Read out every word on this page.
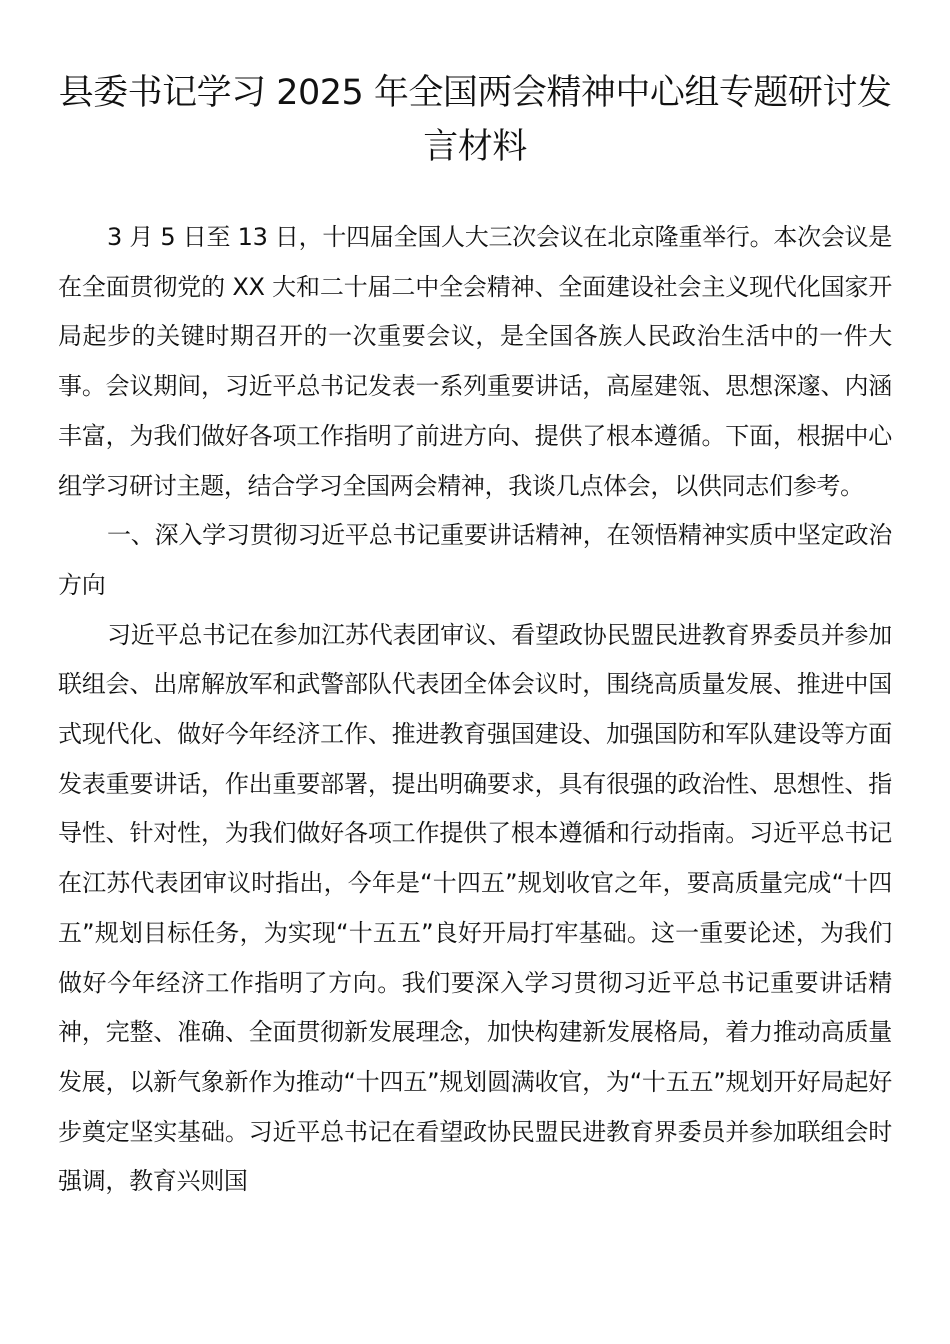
县委书记学习 2025 年全国两会精神中心组专题研讨发言材料

3 月 5 日至 13 日，十四届全国人大三次会议在北京隆重举行。本次会议是在全面贯彻党的 XX 大和二十届二中全会精神、全面建设社会主义现代化国家开局起步的关键时期召开的一次重要会议，是全国各族人民政治生活中的一件大事。会议期间，习近平总书记发表一系列重要讲话，高屋建瓴、思想深邃、内涵丰富，为我们做好各项工作指明了前进方向、提供了根本遵循。下面，根据中心组学习研讨主题，结合学习全国两会精神，我谈几点体会，以供同志们参考。

一、深入学习贯彻习近平总书记重要讲话精神，在领悟精神实质中坚定政治方向

习近平总书记在参加江苏代表团审议、看望政协民盟民进教育界委员并参加联组会、出席解放军和武警部队代表团全体会议时，围绕高质量发展、推进中国式现代化、做好今年经济工作、推进教育强国建设、加强国防和军队建设等方面发表重要讲话，作出重要部署，提出明确要求，具有很强的政治性、思想性、指导性、针对性，为我们做好各项工作提供了根本遵循和行动指南。习近平总书记在江苏代表团审议时指出，今年是“十四五”规划收官之年，要高质量完成“十四五”规划目标任务，为实现“十五五”良好开局打牢基础。这一重要论述，为我们做好今年经济工作指明了方向。我们要深入学习贯彻习近平总书记重要讲话精神，完整、准确、全面贯彻新发展理念，加快构建新发展格局，着力推动高质量发展，以新气象新作为推动“十四五”规划圆满收官，为“十五五”规划开好局起好步奠定坚实基础。习近平总书记在看望政协民盟民进教育界委员并参加联组会时强调，教育兴则国
